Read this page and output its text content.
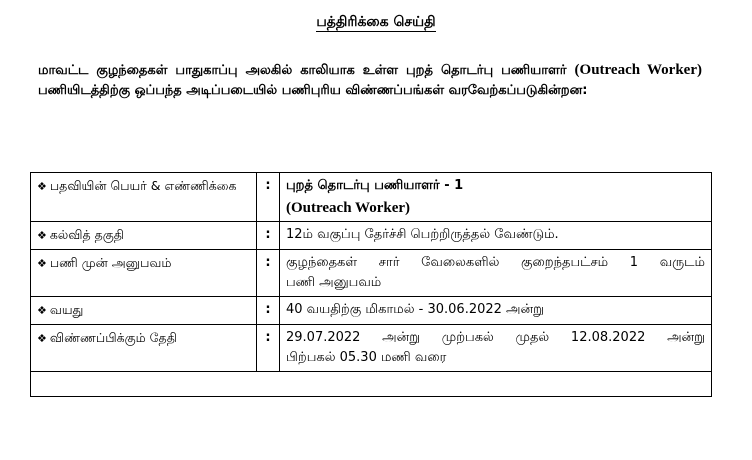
பத்திரிக்கை செய்தி
மாவட்ட குழந்தைகள் பாதுகாப்பு அலகில் காலியாக உள்ள புறத் தொடர்பு பணியாளர் (Outreach Worker) பணியிடத்திற்கு ஒப்பந்த அடிப்படையில் பணிபுரிய விண்ணப்பங்கள் வரவேற்கப்படுகின்றன:
❖ பதவியின் பெயர் & எண்ணிக்கை	:	புறத் தொடர்பு பணியாளர் - 1
(Outreach Worker)

❖ கல்வித் தகுதி	:	12ம் வகுப்பு தேர்ச்சி பெற்றிருத்தல் வேண்டும்.
❖ பணி முன் அனுபவம்	:	குழந்தைகள் சார் வேலைகளில் குறைந்தபட்சம் 1 வருடம்
பணி அனுபவம்
❖ வயது	:	40 வயதிற்கு மிகாமல் - 30.06.2022 அன்று
❖ விண்ணப்பிக்கும் தேதி	:	29.07.2022 அன்று முற்பகல் முதல் 12.08.2022 அன்று
பிற்பகல் 05.30 மணி வரை
